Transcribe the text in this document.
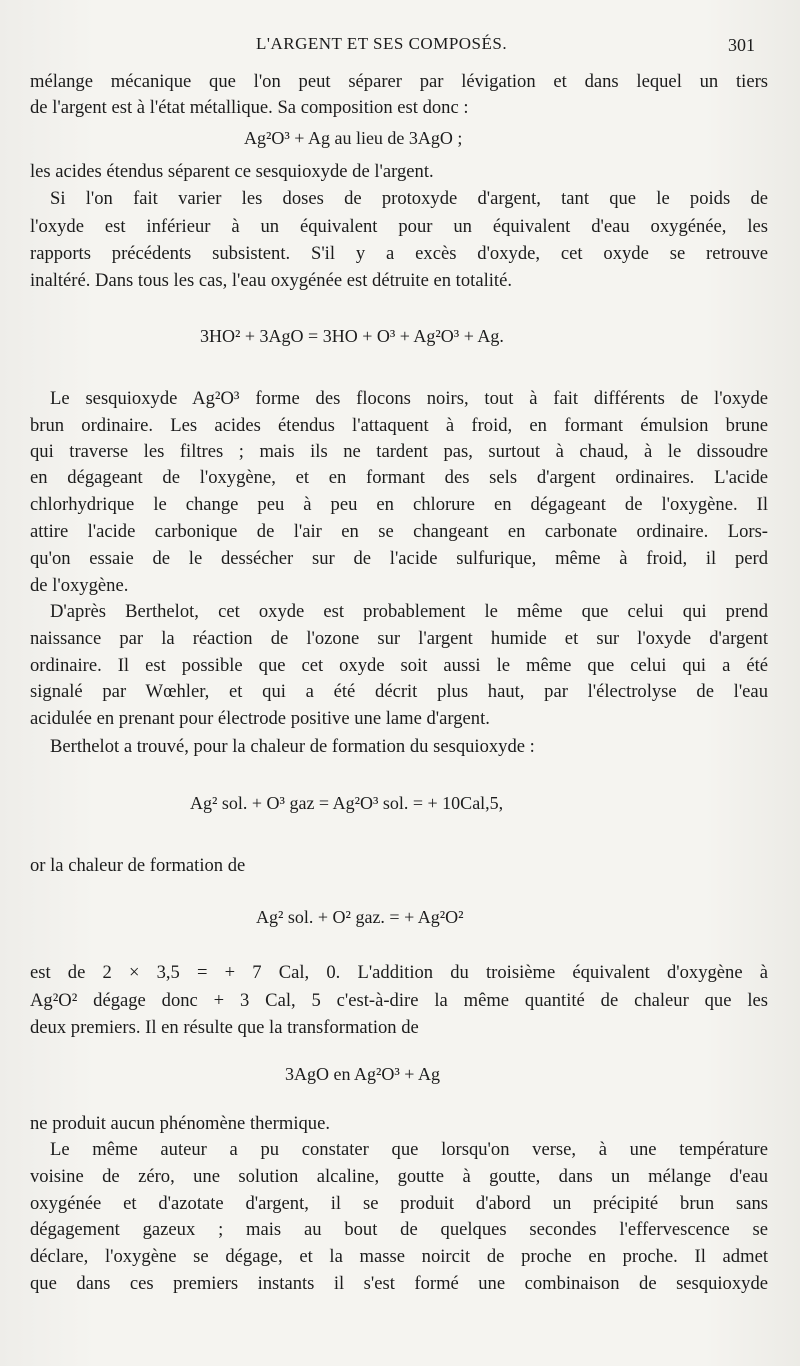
L'ARGENT ET SES COMPOSÉS.	301
mélange mécanique que l'on peut séparer par lévigation et dans lequel un tiers
de l'argent est à l'état métallique. Sa composition est donc :
Ag²O³ + Ag au lieu de 3AgO ;
les acides étendus séparent ce sesquioxyde de l'argent.
Si l'on fait varier les doses de protoxyde d'argent, tant que le poids de
l'oxyde est inférieur à un équivalent pour un équivalent d'eau oxygénée, les
rapports précédents subsistent. S'il y a excès d'oxyde, cet oxyde se retrouve
inaltéré. Dans tous les cas, l'eau oxygénée est détruite en totalité.
3HO² + 3AgO = 3HO + O³ + Ag²O³ + Ag.
Le sesquioxyde Ag²O³ forme des flocons noirs, tout à fait différents de l'oxyde
brun ordinaire. Les acides étendus l'attaquent à froid, en formant émulsion brune
qui traverse les filtres ; mais ils ne tardent pas, surtout à chaud, à le dissoudre
en dégageant de l'oxygène, et en formant des sels d'argent ordinaires. L'acide
chlorhydrique le change peu à peu en chlorure en dégageant de l'oxygène. Il
attire l'acide carbonique de l'air en se changeant en carbonate ordinaire. Lors-
qu'on essaie de le dessécher sur de l'acide sulfurique, même à froid, il perd
de l'oxygène.
D'après Berthelot, cet oxyde est probablement le même que celui qui prend
naissance par la réaction de l'ozone sur l'argent humide et sur l'oxyde d'argent
ordinaire. Il est possible que cet oxyde soit aussi le même que celui qui a été
signalé par Wœhler, et qui a été décrit plus haut, par l'électrolyse de l'eau
acidulée en prenant pour électrode positive une lame d'argent.
Berthelot a trouvé, pour la chaleur de formation du sesquioxyde :
Ag² sol. + O³ gaz = Ag²O³ sol. = + 10Cal,5,
or la chaleur de formation de
Ag² sol. + O² gaz. = + Ag²O²
est de 2 × 3,5 = + 7 Cal, 0. L'addition du troisième équivalent d'oxygène à
Ag²O² dégage donc + 3 Cal, 5 c'est-à-dire la même quantité de chaleur que les
deux premiers. Il en résulte que la transformation de
3AgO en Ag²O³ + Ag
ne produit aucun phénomène thermique.
Le même auteur a pu constater que lorsqu'on verse, à une température
voisine de zéro, une solution alcaline, goutte à goutte, dans un mélange d'eau
oxygénée et d'azotate d'argent, il se produit d'abord un précipité brun sans
dégagement gazeux ; mais au bout de quelques secondes l'effervescence se
déclare, l'oxygène se dégage, et la masse noircit de proche en proche. Il admet
que dans ces premiers instants il s'est formé une combinaison de sesquioxyde
